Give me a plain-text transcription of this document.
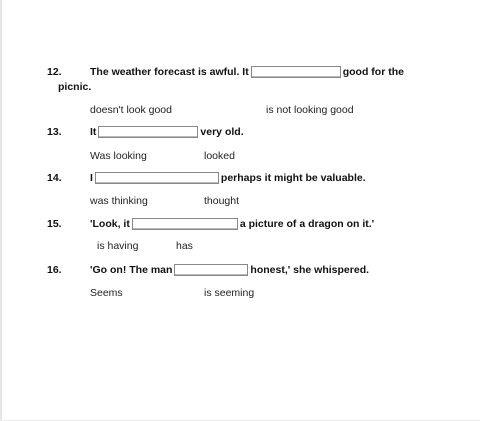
12.	The weather forecast is awful. It	good for the
picnic.
doesn't look good	is not looking good
13.	It	very old.
Was looking	looked
14.	I	perhaps it might be valuable.
was thinking	thought
15.	'Look, it	a picture of a dragon on it.'
is having	has
16.	'Go on! The man	honest,' she whispered.
Seems	is seeming
